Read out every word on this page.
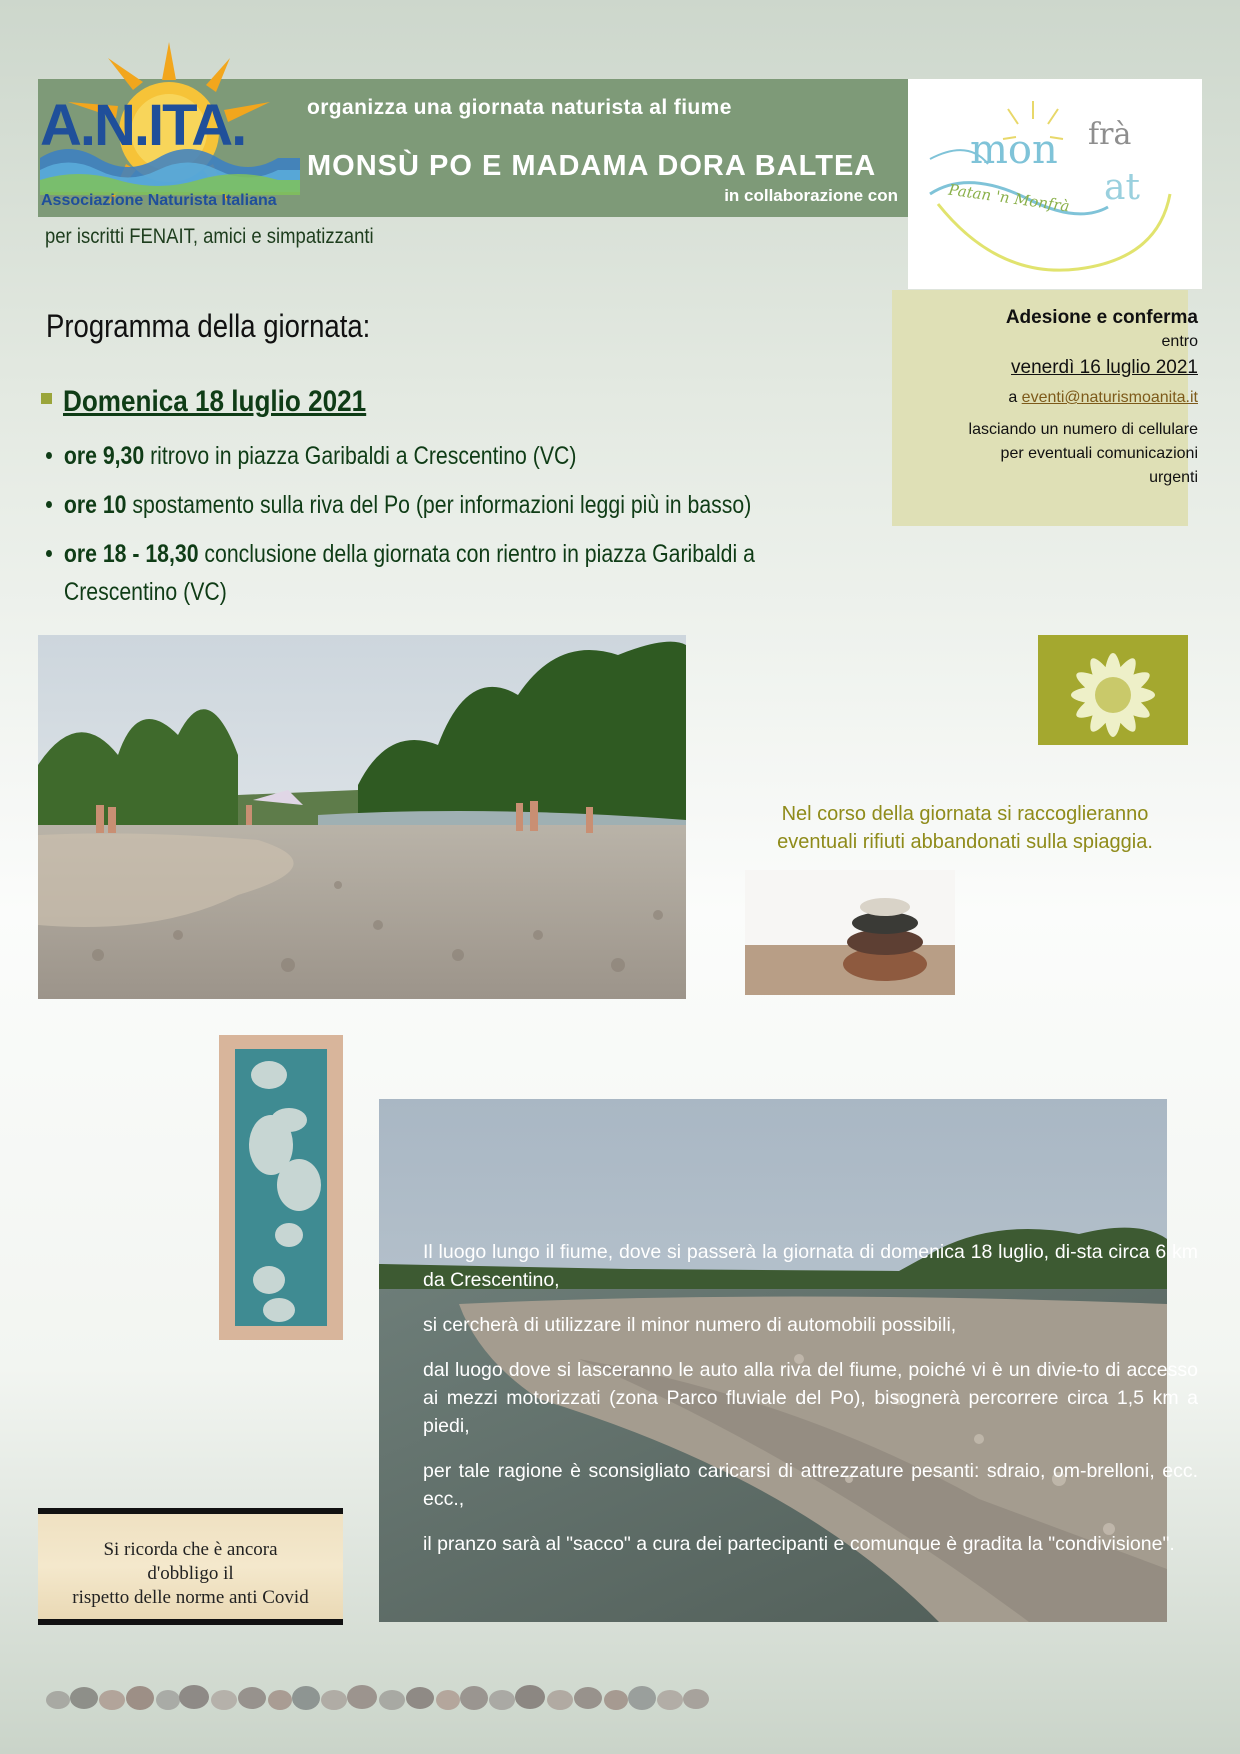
A.N.ITA.
Associazione Naturista Italiana
mon frà
at
Patan 'n Monfrà
organizza una giornata naturista al fiume
MONSÙ PO E MADAMA DORA BALTEA
in collaborazione con
per iscritti FENAIT, amici e simpatizzanti
Programma della giornata:
Domenica 18 luglio 2021
ore 9,30 ritrovo in piazza Garibaldi a Crescentino (VC)
ore 10 spostamento sulla riva del Po (per informazioni leggi più in basso)
ore 18 - 18,30 conclusione della giornata con rientro in piazza Garibaldi a
Crescentino (VC)
Adesione e conferma
entro
venerdì 16 luglio 2021
a eventi@naturismoanita.it
lasciando un numero di cellulare
per eventuali comunicazioni
urgenti
Nel corso della giornata si raccoglieranno
eventuali rifiuti abbandonati sulla spiaggia.

Il luogo lungo il fiume, dove si passerà la giornata di domenica 18 luglio, di-sta circa 6 km da Crescentino,

si cercherà di utilizzare il minor numero di automobili possibili,

dal luogo dove si lasceranno le auto alla riva del fiume, poiché vi è un divie-to di accesso ai mezzi motorizzati (zona Parco fluviale del Po), bisognerà percorrere circa 1,5 km a piedi,

per tale ragione è sconsigliato caricarsi di attrezzature pesanti: sdraio, om-brelloni, ecc. ecc.,

il pranzo sarà al "sacco" a cura dei partecipanti e comunque è gradita la "condivisione".

Si ricorda che è ancora
d'obbligo il
rispetto delle norme anti Covid
